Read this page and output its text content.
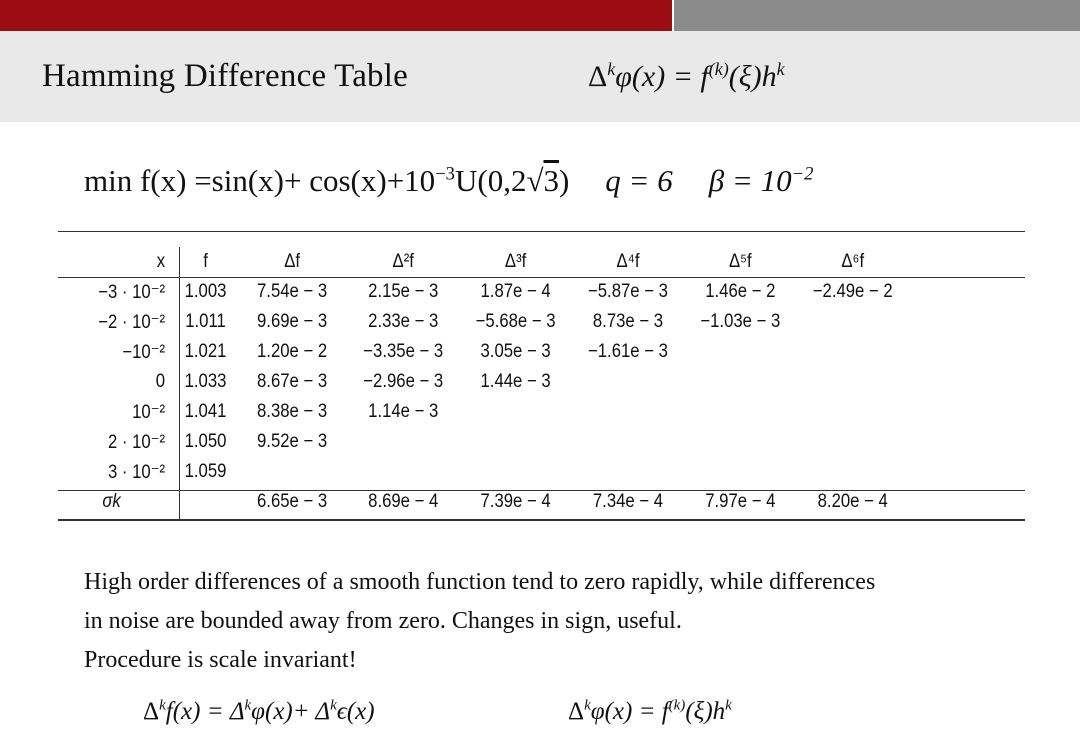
Hamming Difference Table	$\Delta^k\varphi(x) = f^{(k)}(\xi)h^k$
$\min f(x) =\sin(x)+ \cos(x)+10^{-3}U(0,2√3) q = 6$ $\beta = 10^{-2}$
x	f	Δf	Δ²f	Δ³f	Δ⁴f	Δ⁵f	Δ⁶f
−3 · 10⁻²	1.003	7.54e − 3	2.15e − 3	1.87e − 4	−5.87e − 3	1.46e − 2	−2.49e − 2
−2 · 10⁻²	1.011	9.69e − 3	2.33e − 3	−5.68e − 3	8.73e − 3	−1.03e − 3	
−10⁻²	1.021	1.20e − 2	−3.35e − 3	3.05e − 3	−1.61e − 3		
0	1.033	8.67e − 3	−2.96e − 3	1.44e − 3			
10⁻²	1.041	8.38e − 3	1.14e − 3				
2 · 10⁻²	1.050	9.52e − 3					
3 · 10⁻²	1.059						
σk		6.65e − 3	8.69e − 4	7.39e − 4	7.34e − 4	7.97e − 4	8.20e − 4

High order differences of a smooth function tend to zero rapidly, while differences

in noise are bounded away from zero. Changes in sign, useful.

Procedure is scale invariant!

$\Delta^kf(x) = \Delta^k\varphi(x)+ \Delta^k\epsilon(x)$	$\Delta^k\varphi(x) = f^{(k)}(\xi)h^k$
